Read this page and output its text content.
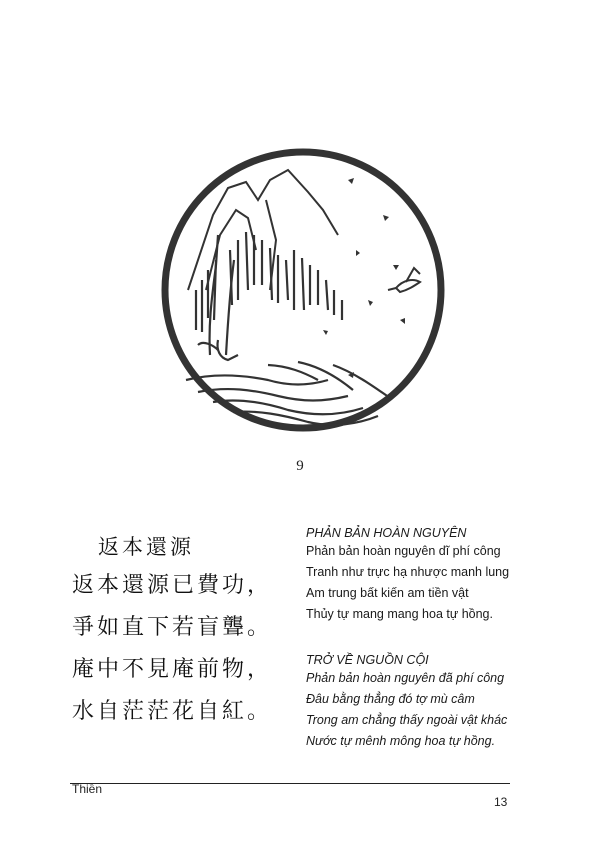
9
返本還源
返本還源已費功，
爭如直下若盲聾。
庵中不見庵前物，
水自茫茫花自紅。

PHẢN BẢN HOÀN NGUYÊN

Phản bản hoàn nguyên dĩ phí công

Tranh như trực hạ nhược manh lung

Am trung bất kiến am tiền vật

Thủy tự mang mang hoa tự hồng.

TRỞ VỀ NGUỒN CỘI

Phản bản hoàn nguyên đã phí công

Đâu bằng thẳng đó tợ mù câm

Trong am chẳng thấy ngoài vật khác

Nước tự mênh mông hoa tự hồng.

Thiền
13
